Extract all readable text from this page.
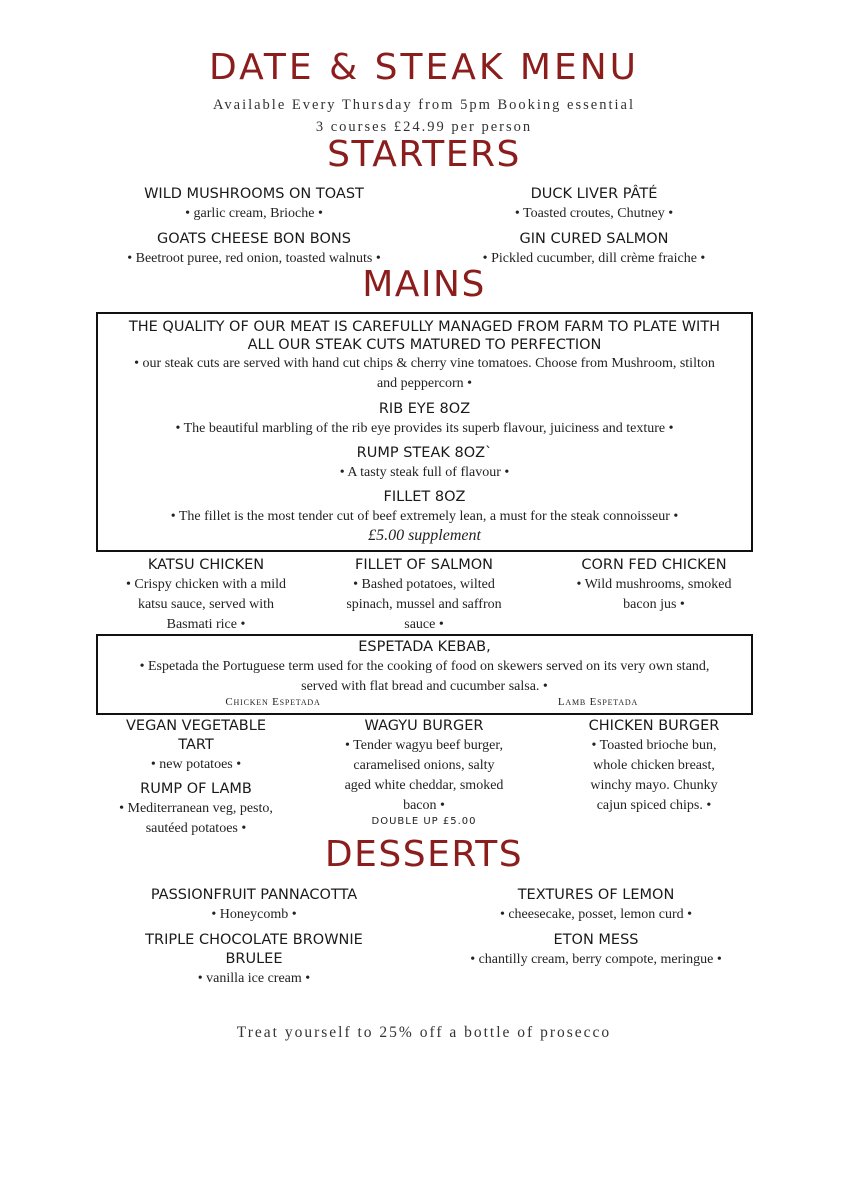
DATE & STEAK MENU
Available Every Thursday from 5pm Booking essential
3 courses £24.99 per person
STARTERS
WILD MUSHROOMS ON TOAST
• garlic cream, Brioche •
DUCK LIVER PÂTÉ
• Toasted croutes, Chutney •
GOATS CHEESE BON BONS
• Beetroot puree, red onion, toasted walnuts •
GIN CURED SALMON
• Pickled cucumber, dill crème fraiche •
MAINS
THE QUALITY OF OUR MEAT IS CAREFULLY MANAGED FROM FARM TO PLATE WITH
ALL OUR STEAK CUTS MATURED TO PERFECTION
• our steak cuts are served with hand cut chips & cherry vine tomatoes. Choose from Mushroom, stilton
and peppercorn •
RIB EYE 8OZ
• The beautiful marbling of the rib eye provides its superb flavour, juiciness and texture •
RUMP STEAK 8OZ`
• A tasty steak full of flavour •
FILLET 8OZ
• The fillet is the most tender cut of beef extremely lean, a must for the steak connoisseur •
£5.00 supplement
KATSU CHICKEN
• Crispy chicken with a mild
katsu sauce, served with
Basmati rice •
FILLET OF SALMON
• Bashed potatoes, wilted
spinach, mussel and saffron
sauce •
CORN FED CHICKEN
• Wild mushrooms, smoked
bacon jus •
ESPETADA KEBAB,
• Espetada the Portuguese term used for the cooking of food on skewers served on its very own stand,
served with flat bread and cucumber salsa. •
Chicken Espetada	Lamb Espetada
VEGAN VEGETABLE
TART
• new potatoes •
RUMP OF LAMB
• Mediterranean veg, pesto,
sautéed potatoes •
WAGYU BURGER
• Tender wagyu beef burger,
caramelised onions, salty
aged white cheddar, smoked
bacon •
DOUBLE UP £5.00
CHICKEN BURGER
• Toasted brioche bun,
whole chicken breast,
winchy mayo. Chunky
cajun spiced chips. •
DESSERTS
PASSIONFRUIT PANNACOTTA
• Honeycomb •
TEXTURES OF LEMON
• cheesecake, posset, lemon curd •
TRIPLE CHOCOLATE BROWNIE
BRULEE
• vanilla ice cream •
ETON MESS
• chantilly cream, berry compote, meringue •
Treat yourself to 25% off a bottle of prosecco
